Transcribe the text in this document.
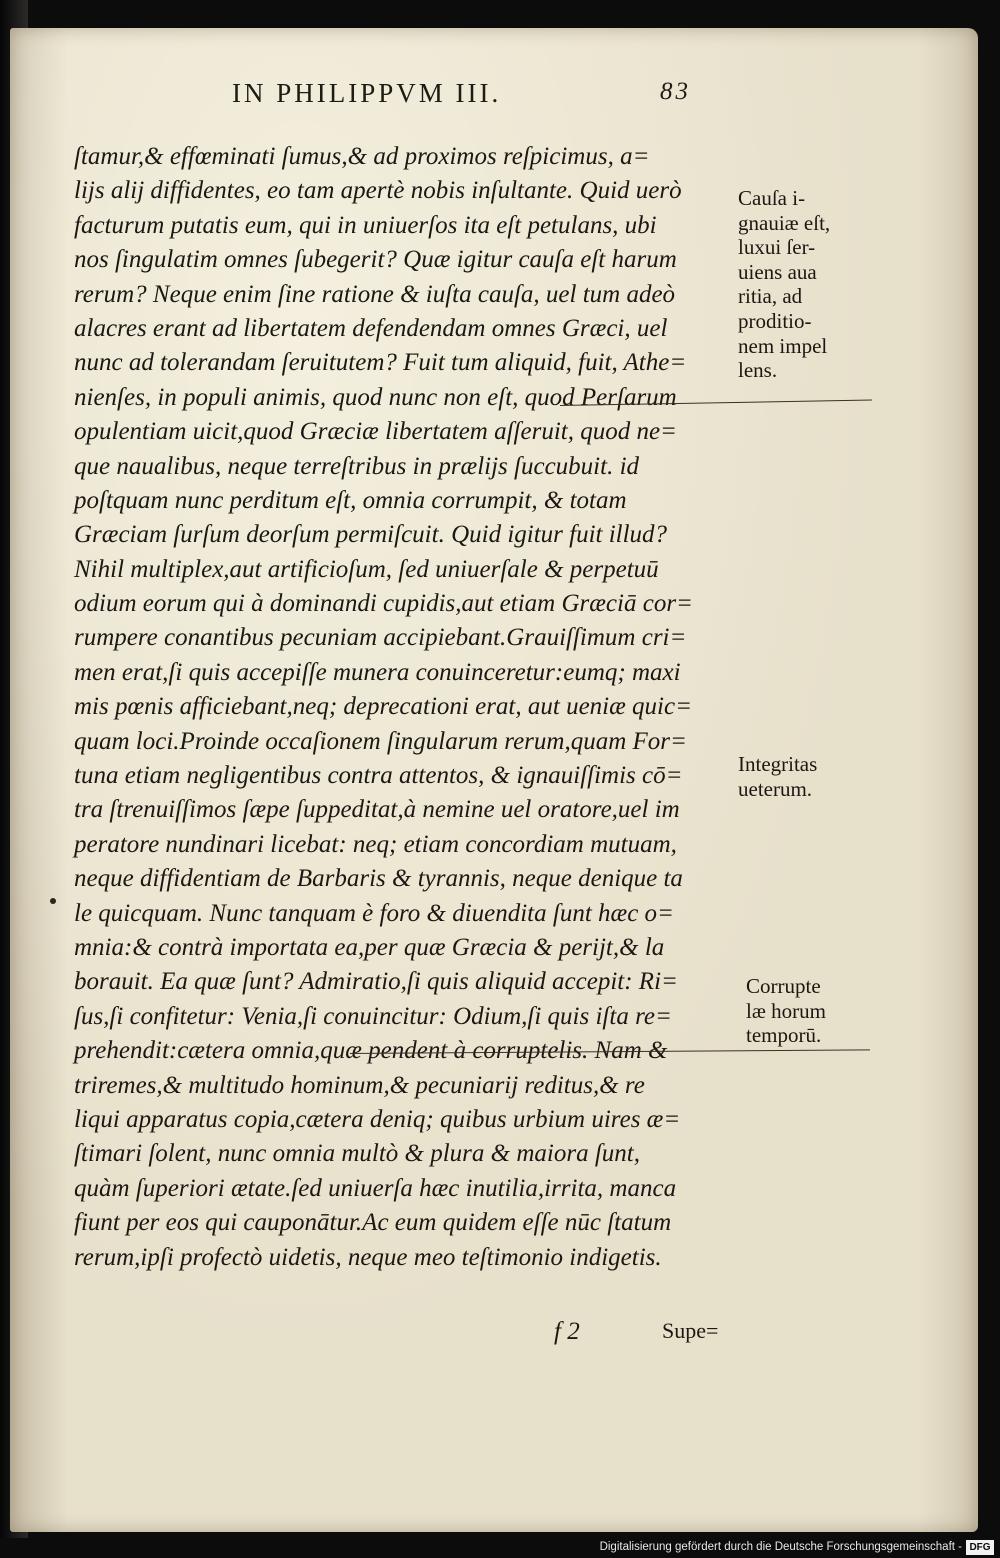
IN PHILIPPVM III.	83
ſtamur,& effœminati ſumus,& ad proximos reſpicimus, a=
lijs alij diffidentes, eo tam apertè nobis inſultante. Quid uerò
facturum putatis eum, qui in uniuerſos ita eſt petulans, ubi
nos ſingulatim omnes ſubegerit? Quæ igitur cauſa eſt harum
rerum? Neque enim ſine ratione & iuſta cauſa, uel tum adeò
alacres erant ad libertatem defendendam omnes Græci, uel
nunc ad tolerandam ſeruitutem? Fuit tum aliquid, fuit, Athe=
nienſes, in populi animis, quod nunc non eſt, quod Perſarum
opulentiam uicit,quod Græciæ libertatem aſſeruit, quod ne=
que naualibus, neque terreſtribus in prælijs ſuccubuit. id
poſtquam nunc perditum eſt, omnia corrumpit, & totam
Græciam ſurſum deorſum permiſcuit. Quid igitur fuit illud?
Nihil multiplex,aut artificioſum, ſed uniuerſale & perpetuū
odium eorum qui à dominandi cupidis,aut etiam Græciā cor=
rumpere conantibus pecuniam accipiebant.Grauiſſimum cri=
men erat,ſi quis accepiſſe munera conuinceretur:eumq; maxi
mis pœnis afficiebant,neq; deprecationi erat, aut ueniæ quic=
quam loci.Proinde occaſionem ſingularum rerum,quam For=
tuna etiam negligentibus contra attentos, & ignauiſſimis cō=
tra ſtrenuiſſimos ſæpe ſuppeditat,à nemine uel oratore,uel im
peratore nundinari licebat: neq; etiam concordiam mutuam,
neque diffidentiam de Barbaris & tyrannis, neque denique ta
le quicquam. Nunc tanquam è foro & diuendita ſunt hæc o=
mnia:& contrà importata ea,per quæ Græcia & perijt,& la
borauit. Ea quæ ſunt? Admiratio,ſi quis aliquid accepit: Ri=
ſus,ſi confitetur: Venia,ſi conuincitur: Odium,ſi quis iſta re=
prehendit:cætera omnia,quæ pendent à corruptelis. Nam &
triremes,& multitudo hominum,& pecuniarij reditus,& re
liqui apparatus copia,cætera deniq; quibus urbium uires æ=
ſtimari ſolent, nunc omnia multò & plura & maiora ſunt,
quàm ſuperiori ætate.ſed uniuerſa hæc inutilia,irrita, manca
fiunt per eos qui cauponātur.Ac eum quidem eſſe nūc ſtatum
rerum,ipſi profectò uidetis, neque meo teſtimonio indigetis.
Cauſa i-
gnauiæ eſt,
luxui ſer-
uiens aua
ritia, ad
proditio-
nem impel
lens.
Integritas
ueterum.
Corrupte
læ horum
temporū.
f 2	Supe=
Digitalisierung gefördert durch die Deutsche Forschungsgemeinschaft - DFG
